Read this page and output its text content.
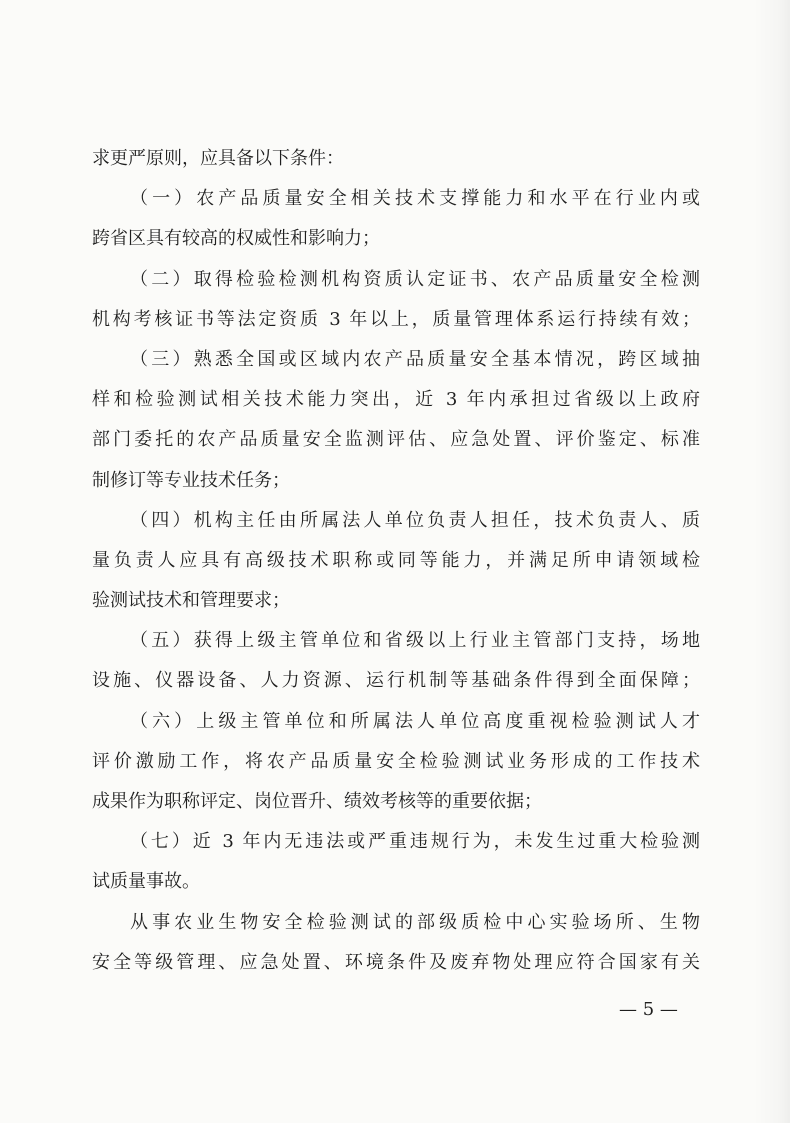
求更严原则，应具备以下条件：
（一）农产品质量安全相关技术支撑能力和水平在行业内或
跨省区具有较高的权威性和影响力；
（二）取得检验检测机构资质认定证书、农产品质量安全检测
机构考核证书等法定资质 3 年以上，质量管理体系运行持续有效；
（三）熟悉全国或区域内农产品质量安全基本情况，跨区域抽
样和检验测试相关技术能力突出，近 3 年内承担过省级以上政府
部门委托的农产品质量安全监测评估、应急处置、评价鉴定、标准
制修订等专业技术任务；
（四）机构主任由所属法人单位负责人担任，技术负责人、质
量负责人应具有高级技术职称或同等能力，并满足所申请领域检
验测试技术和管理要求；
（五）获得上级主管单位和省级以上行业主管部门支持，场地
设施、仪器设备、人力资源、运行机制等基础条件得到全面保障；
（六）上级主管单位和所属法人单位高度重视检验测试人才
评价激励工作，将农产品质量安全检验测试业务形成的工作技术
成果作为职称评定、岗位晋升、绩效考核等的重要依据；
（七）近 3 年内无违法或严重违规行为，未发生过重大检验测
试质量事故。
从事农业生物安全检验测试的部级质检中心实验场所、生物
安全等级管理、应急处置、环境条件及废弃物处理应符合国家有关
— 5 —
